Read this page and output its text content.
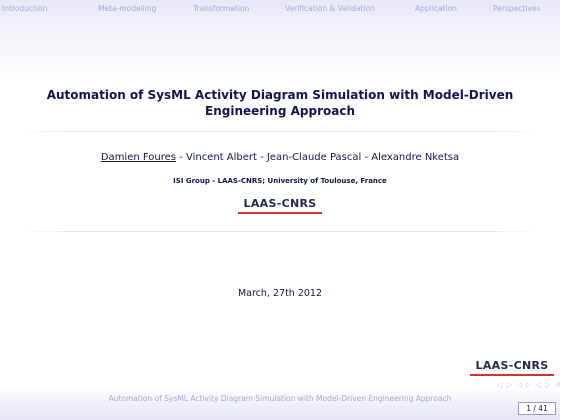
Introduction	Meta-modelling	Transformation	Verification & Validation	Application	Perspectives
Automation of SysML Activity Diagram Simulation with Model-Driven
Engineering Approach
Damien Foures - Vincent Albert - Jean-Claude Pascal - Alexandre Nketsa
ISI Group - LAAS-CNRS; University of Toulouse, France
LAAS-CNRS
March, 27th 2012
LAAS-CNRS
◁ ▷ ◁ ▷ ◁ ▷ ↺
Automation of SysML Activity Diagram Simulation with Model-Driven Engineering Approach
1 / 41
